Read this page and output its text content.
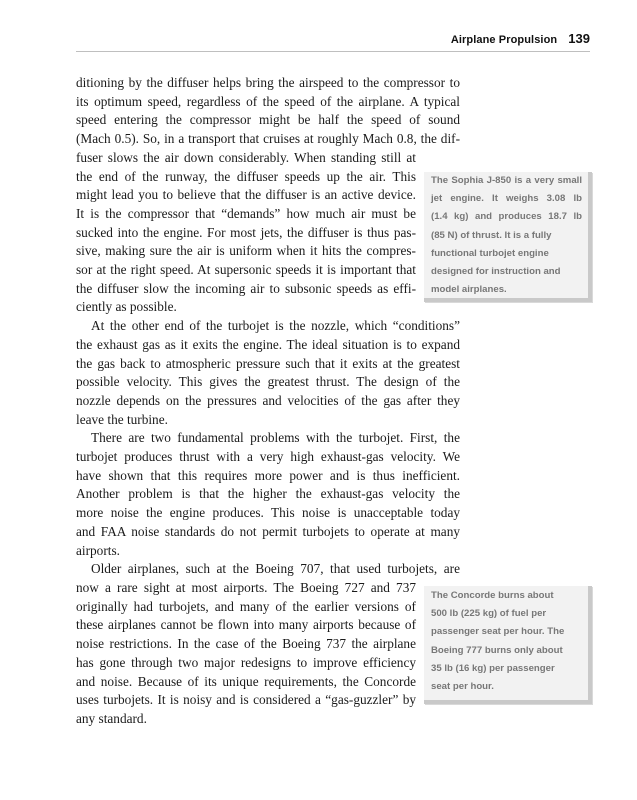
Airplane Propulsion 139

ditioning by the diffuser helps bring the airspeed to the compressor to
its optimum speed, regardless of the speed of the airplane. A typical
speed entering the compressor might be half the speed of sound
(Mach 0.5). So, in a transport that cruises at roughly Mach 0.8, the dif-
fuser slows the air down considerably. When standing still at
the end of the runway, the diffuser speeds up the air. This
might lead you to believe that the diffuser is an active device.
It is the compressor that “demands” how much air must be
sucked into the engine. For most jets, the diffuser is thus pas-
sive, making sure the air is uniform when it hits the compres-
sor at the right speed. At supersonic speeds it is important that
the diffuser slow the incoming air to subsonic speeds as effi-
ciently as possible.

At the other end of the turbojet is the nozzle, which “conditions”
the exhaust gas as it exits the engine. The ideal situation is to expand
the gas back to atmospheric pressure such that it exits at the greatest
possible velocity. This gives the greatest thrust. The design of the
nozzle depends on the pressures and velocities of the gas after they
leave the turbine.

There are two fundamental problems with the turbojet. First, the
turbojet produces thrust with a very high exhaust-gas velocity. We
have shown that this requires more power and is thus inefficient.
Another problem is that the higher the exhaust-gas velocity the
more noise the engine produces. This noise is unacceptable today
and FAA noise standards do not permit turbojets to operate at many
airports.

Older airplanes, such at the Boeing 707, that used turbojets, are
now a rare sight at most airports. The Boeing 727 and 737
originally had turbojets, and many of the earlier versions of
these airplanes cannot be flown into many airports because of
noise restrictions. In the case of the Boeing 737 the airplane
has gone through two major redesigns to improve efficiency
and noise. Because of its unique requirements, the Concorde
uses turbojets. It is noisy and is considered a “gas-guzzler” by
any standard.

The Sophia J-850 is a very small
jet engine. It weighs 3.08 lb
(1.4 kg) and produces 18.7 lb
(85 N) of thrust. It is a fully
functional turbojet engine
designed for instruction and
model airplanes.
The Concorde burns about
500 lb (225 kg) of fuel per
passenger seat per hour. The
Boeing 777 burns only about
35 lb (16 kg) per passenger
seat per hour.
